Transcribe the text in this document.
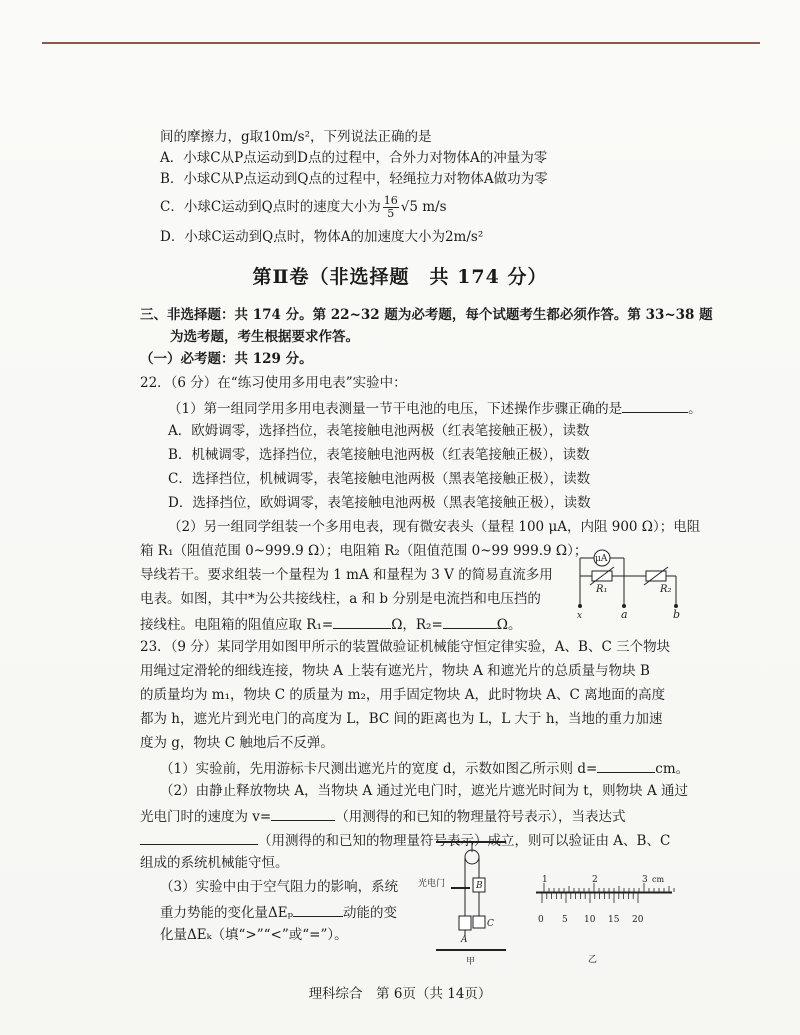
间的摩擦力，g取10m/s²，下列说法正确的是
A．小球C从P点运动到D点的过程中，合外力对物体A的冲量为零
B．小球C从P点运动到Q点的过程中，轻绳拉力对物体A做功为零
C．小球C运动到Q点时的速度大小为 $\frac{16}{5} √5$ m/s
D．小球C运动到Q点时，物体A的加速度大小为2m/s²
第Ⅱ卷（非选择题　共 174 分）
三、非选择题：共 174 分。第 22~32 题为必考题，每个试题考生都必须作答。第 33~38 题
为选考题，考生根据要求作答。
（一）必考题：共 129 分。
22．（6 分）在“练习使用多用电表”实验中：
（1）第一组同学用多用电表测量一节干电池的电压，下述操作步骤正确的是	。
A．欧姆调零，选择挡位，表笔接触电池两极（红表笔接触正极），读数
B．机械调零，选择挡位，表笔接触电池两极（红表笔接触正极），读数
C．选择挡位，机械调零，表笔接触电池两极（黑表笔接触正极），读数
D．选择挡位，欧姆调零，表笔接触电池两极（黑表笔接触正极），读数
（2）另一组同学组装一个多用电表，现有微安表头（量程 100 μA，内阻 900 Ω）；电阻
箱 R₁（阻值范围 0~999.9 Ω）；电阻箱 R₂（阻值范围 0~99 999.9 Ω）；
导线若干。要求组装一个量程为 1 mA 和量程为 3 V 的简易直流多用
电表。如图，其中*为公共接线柱，a 和 b 分别是电流挡和电压挡的
接线柱。电阻箱的阻值应取 R₁=	Ω，R₂=	Ω。
μA
R₁	R₂
x	a	b
23．（9 分）某同学用如图甲所示的装置做验证机械能守恒定律实验，A、B、C 三个物块
用绳过定滑轮的细线连接，物块 A 上装有遮光片，物块 A 和遮光片的总质量与物块 B
的质量均为 m₁，物块 C 的质量为 m₂，用手固定物块 A，此时物块 A、C 离地面的高度
都为 h，遮光片到光电门的高度为 L，BC 间的距离也为 L，L 大于 h，当地的重力加速
度为 g，物块 C 触地后不反弹。
（1）实验前，先用游标卡尺测出遮光片的宽度 d，示数如图乙所示则 d=	cm。
（2）由静止释放物块 A，当物块 A 通过光电门时，遮光片遮光时间为 t，则物块 A 通过
光电门时的速度为 v=	（用测得的和已知的物理量符号表示），当表达式
（用测得的和已知的物理量符号表示）成立，则可以验证由 A、B、C
组成的系统机械能守恒。
（3）实验中由于空气阻力的影响，系统
重力势能的变化量ΔEₚ	动能的变
化量ΔEₖ（填“>”“<”或“=”）。
光电门	B
C
A
甲
1	2	3 cm
0 5 10 15 20
乙
理科综合　第 6页（共 14页）
